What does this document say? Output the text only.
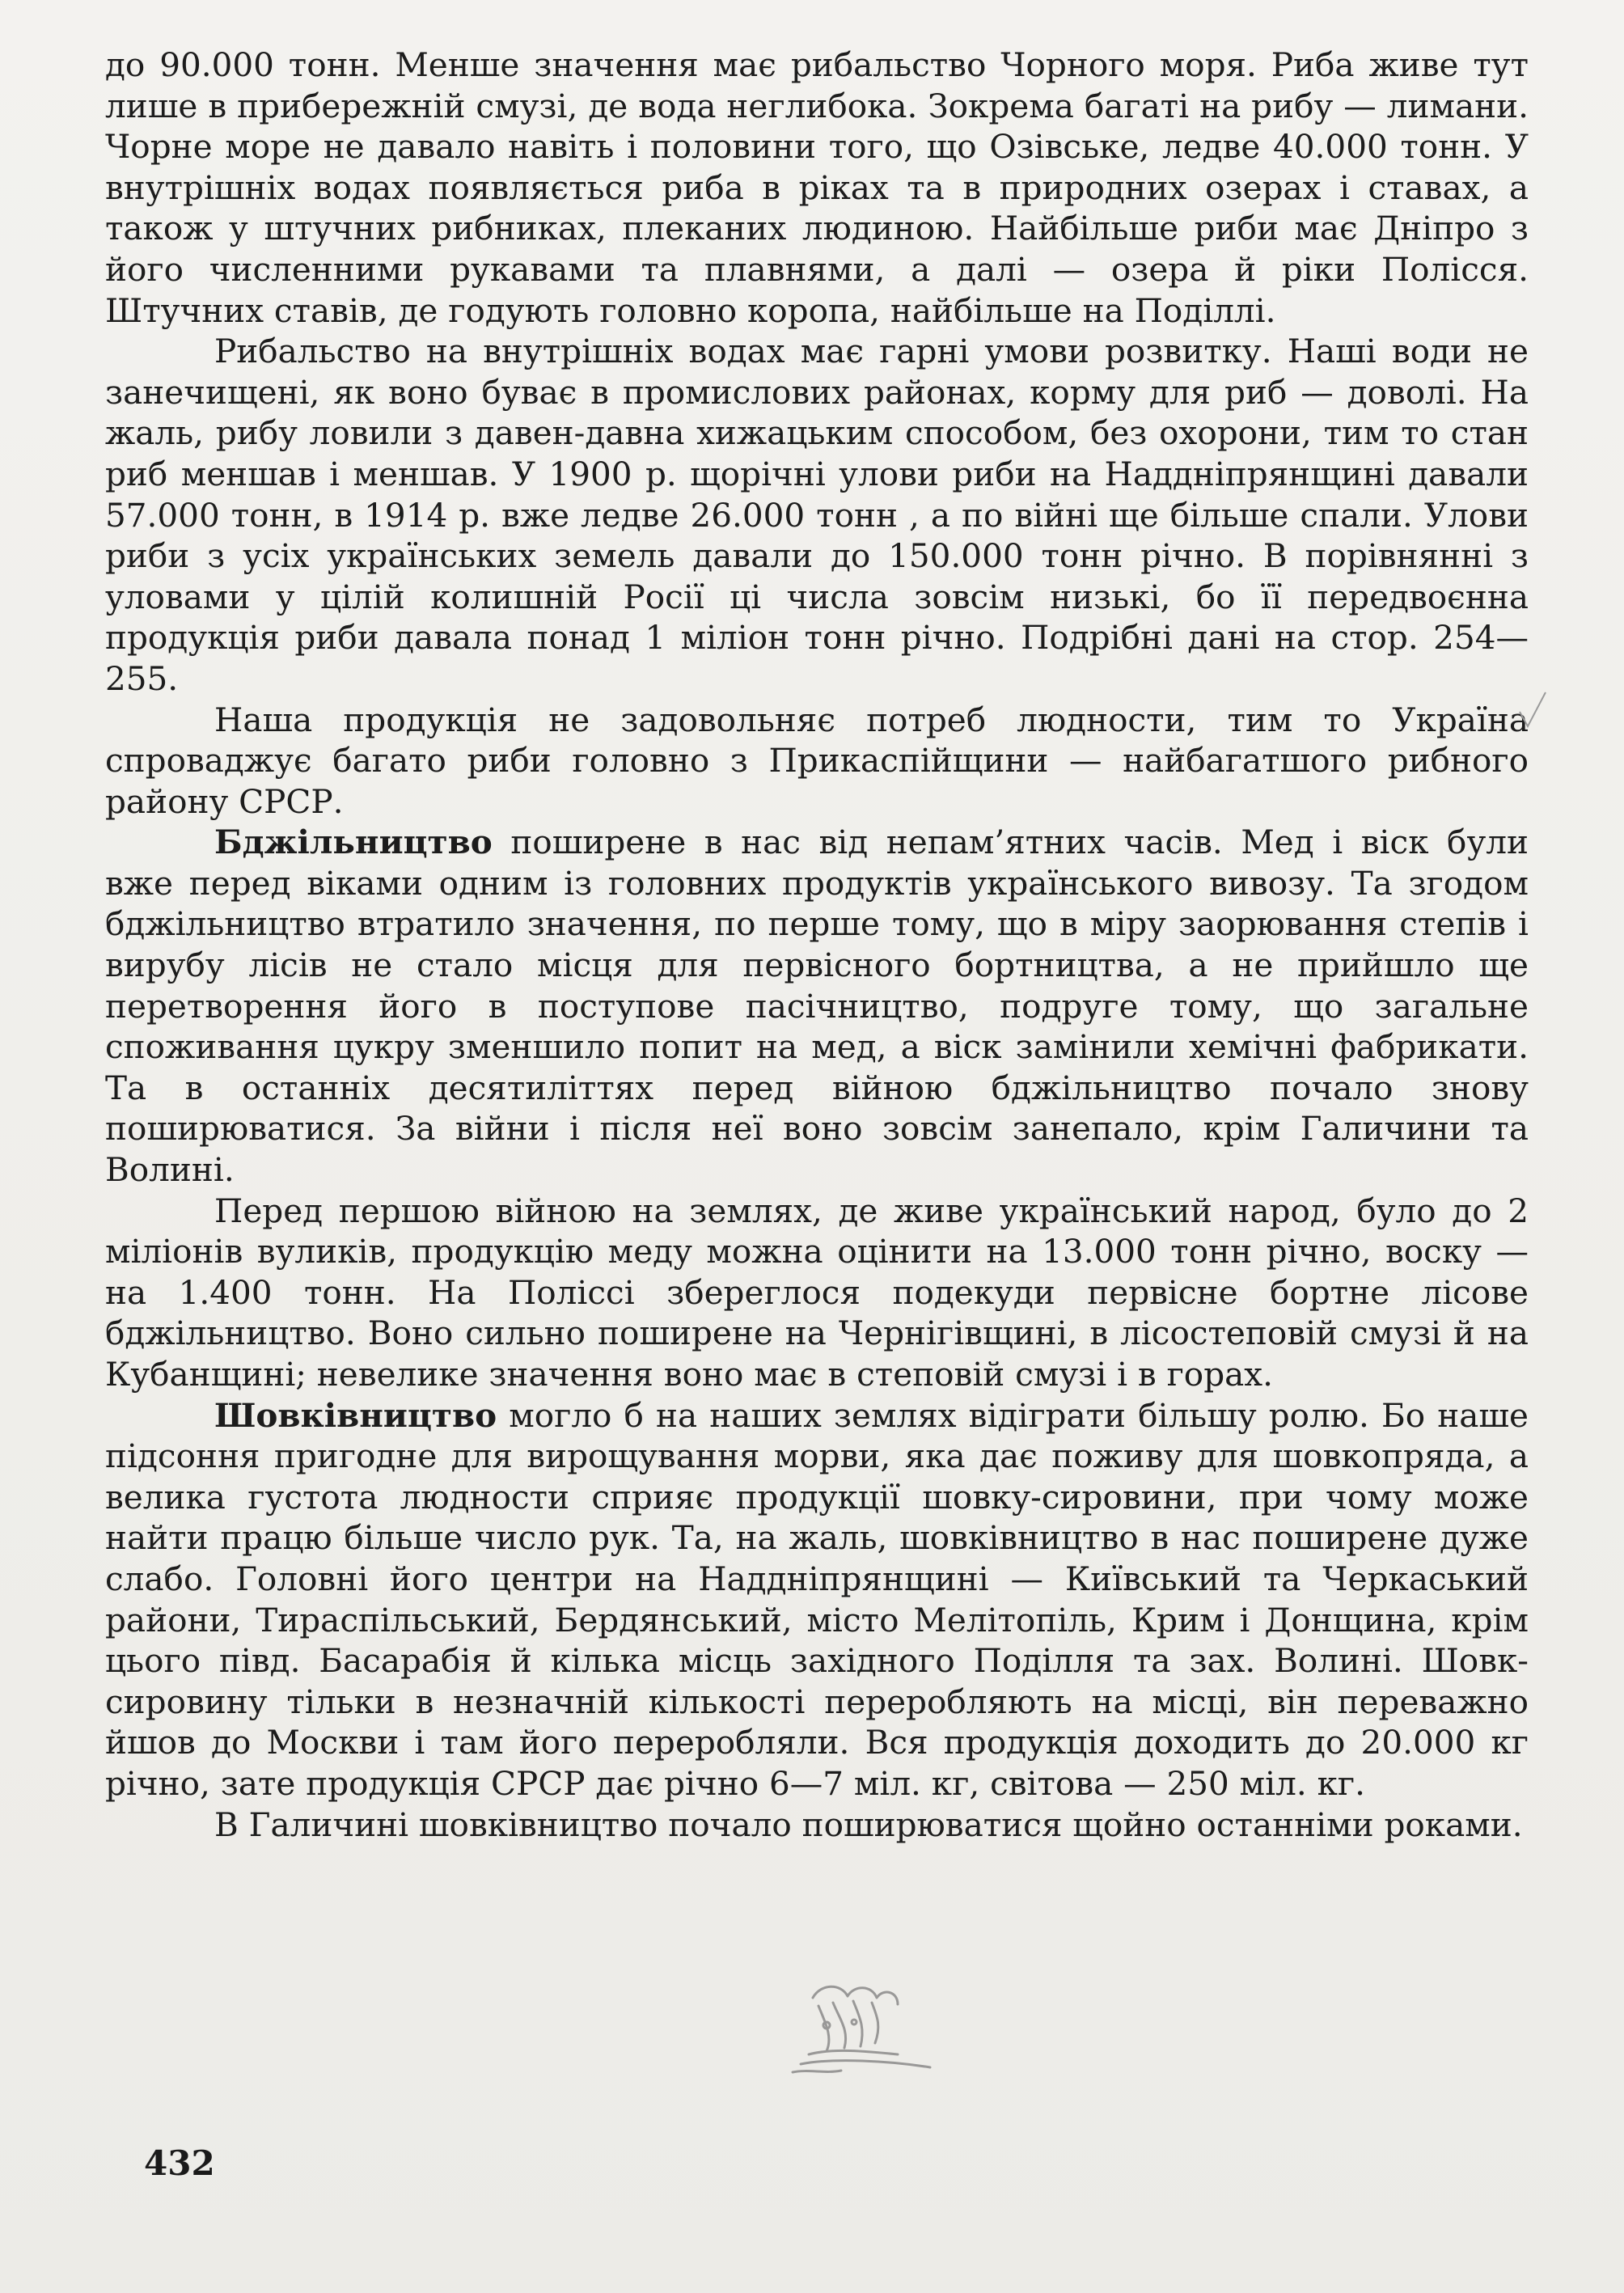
до 90.000 тонн. Менше значення має рибальство Чорного моря. Риба живе тут лише в прибережній смузі, де вода неглибока. Зокрема багаті на рибу — лимани. Чорне море не давало навіть і половини того, що Озівське, ледве 40.000 тонн. У внутрішніх водах появляється риба в ріках та в природних озерах і ставах, а також у штучних рибниках, плеканих людиною. Найбільше риби має Дніпро з його численними рукавами та плавнями, а далі — озера й ріки Полісся. Штучних ставів, де годують головно коропа, найбільше на Поділлі.

Рибальство на внутрішніх водах має гарні умови розвитку. Наші води не занечищені, як воно буває в промислових районах, корму для риб — доволі. На жаль, рибу ловили з давен-давна хижацьким способом, без охорони, тим то стан риб меншав і меншав. У 1900 р. щорічні улови риби на Наддніпрянщині давали 57.000 тонн, в 1914 р. вже ледве 26.000 тонн , а по війні ще більше спали. Улови риби з усіх українських земель давали до 150.000 тонн річно. В порівнянні з уловами у цілій колишній Росії ці числа зовсім низькі, бо її передвоєнна продукція риби давала понад 1 міліон тонн річно. Подрібні дані на стор. 254—255.

Наша продукція не задовольняє потреб людности, тим то Україна спроваджує багато риби головно з Прикаспійщини — найбагатшого рибного району СРСР.

Бджільництво поширене в нас від непам’ятних часів. Мед і віск були вже перед віками одним із головних продуктів українського вивозу. Та згодом бджільництво втратило значення, по перше тому, що в міру заорювання степів і вирубу лісів не стало місця для первісного бортництва, а не прийшло ще перетворення його в поступове пасічництво, подруге тому, що загальне споживання цукру зменшило попит на мед, а віск замінили хемічні фабрикати. Та в останніх десятиліттях перед війною бджільництво почало знову поширюватися. За війни і після неї воно зовсім занепало, крім Галичини та Волині.

Перед першою війною на землях, де живе український народ, було до 2 міліонів вуликів, продукцію меду можна оцінити на 13.000 тонн річно, воску — на 1.400 тонн. На Поліссі збереглося подекуди первісне бортне лісове бджільництво. Воно сильно поширене на Чернігівщині, в лісостеповій смузі й на Кубанщині; невелике значення воно має в степовій смузі і в горах.

Шовківництво могло б на наших землях відіграти більшу ролю. Бо наше підсоння пригодне для вирощування морви, яка дає поживу для шовкопряда, а велика густота людности сприяє продукції шовку-сировини, при чому може найти працю більше число рук. Та, на жаль, шовківництво в нас поширене дуже слабо. Головні його центри на Наддніпрянщині — Київський та Черкаський райони, Тираспільський, Бердянський, місто Мелітопіль, Крим і Донщина, крім цього півд. Басарабія й кілька місць західного Поділля та зах. Волині. Шовк-сировину тільки в незначній кількості переробляють на місці, він переважно йшов до Москви і там його переробляли. Вся продукція доходить до 20.000 кг річно, зате продукція СРСР дає річно 6—7 міл. кг, світова — 250 міл. кг.

В Галичині шовківництво почало поширюватися щойно останніми роками.

432
